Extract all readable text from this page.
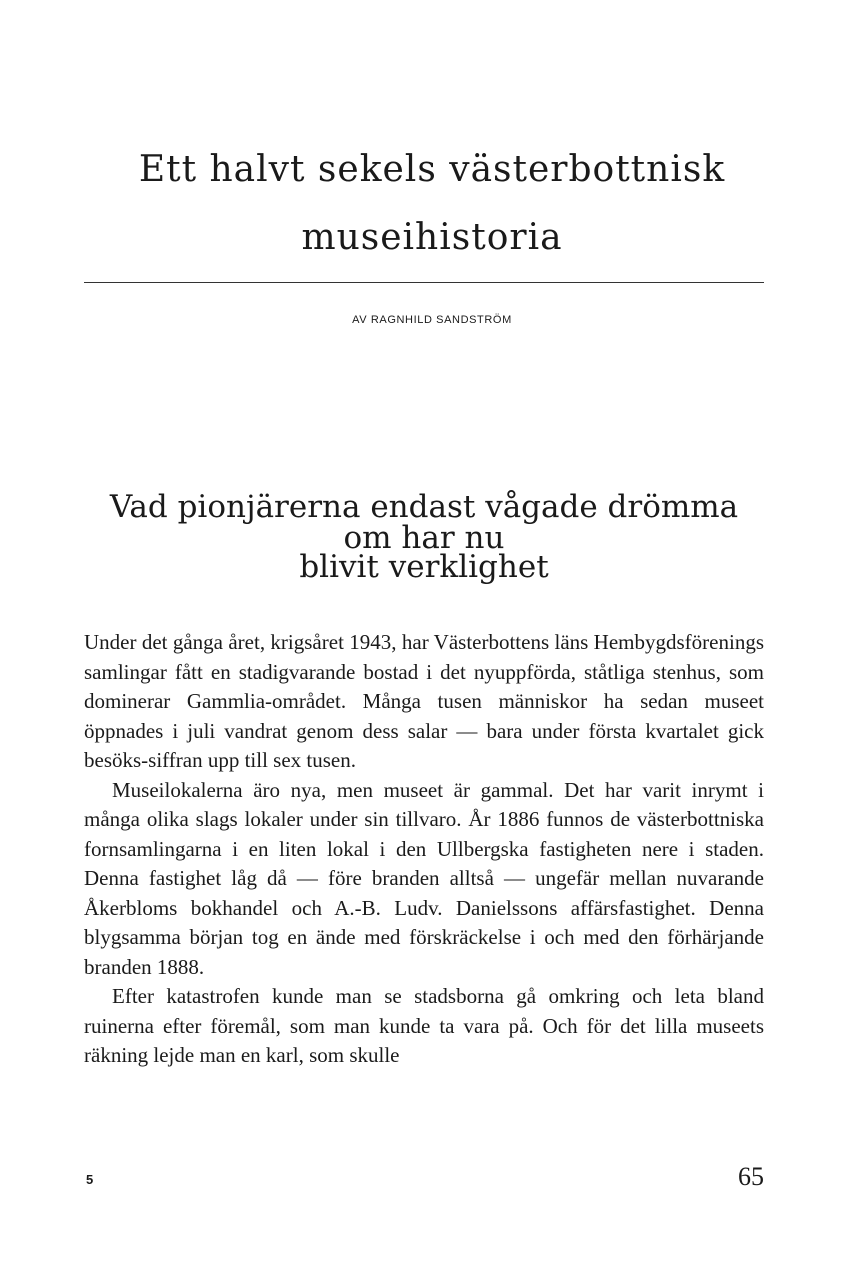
Ett halvt sekels västerbottnisk
museihistoria
AV RAGNHILD SANDSTRÖM
Vad pionjärerna endast vågade drömma om har nu
blivit verklighet

Under det gånga året, krigsåret 1943, har Västerbottens läns Hembygdsförenings samlingar fått en stadigvarande bostad i det nyuppförda, ståtliga stenhus, som dominerar Gammlia-området. Många tusen människor ha sedan museet öppnades i juli vandrat genom dess salar — bara under första kvartalet gick besöks-siffran upp till sex tusen.

Museilokalerna äro nya, men museet är gammal. Det har varit inrymt i många olika slags lokaler under sin tillvaro. År 1886 funnos de västerbottniska fornsamlingarna i en liten lokal i den Ullbergska fastigheten nere i staden. Denna fastighet låg då — före branden alltså — ungefär mellan nuvarande Åkerbloms bokhandel och A.-B. Ludv. Danielssons affärsfastighet. Denna blygsamma början tog en ände med förskräckelse i och med den förhärjande branden 1888.

Efter katastrofen kunde man se stadsborna gå omkring och leta bland ruinerna efter föremål, som man kunde ta vara på. Och för det lilla museets räkning lejde man en karl, som skulle

5	65
